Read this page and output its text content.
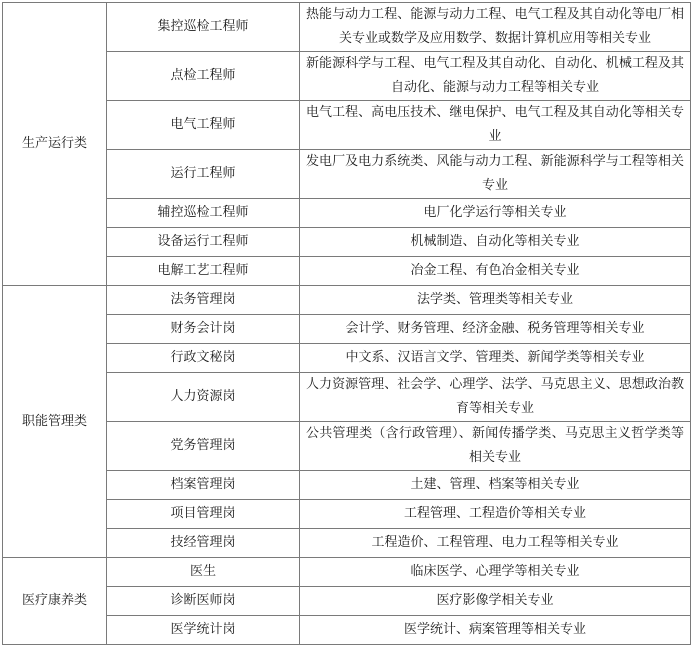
生产运行类	集控巡检工程师	热能与动力工程、能源与动力工程、电气工程及其自动化等电厂相关专业或数学及应用数学、数据计算机应用等相关专业
	点检工程师	新能源科学与工程、电气工程及其自动化、自动化、机械工程及其自动化、能源与动力工程等相关专业
	电气工程师	电气工程、高电压技术、继电保护、电气工程及其自动化等相关专业
	运行工程师	发电厂及电力系统类、风能与动力工程、新能源科学与工程等相关专业
	辅控巡检工程师	电厂化学运行等相关专业
	设备运行工程师	机械制造、自动化等相关专业
	电解工艺工程师	冶金工程、有色冶金相关专业
职能管理类	法务管理岗	法学类、管理类等相关专业
	财务会计岗	会计学、财务管理、经济金融、税务管理等相关专业
	行政文秘岗	中文系、汉语言文学、管理类、新闻学类等相关专业
	人力资源岗	人力资源管理、社会学、心理学、法学、马克思主义、思想政治教育等相关专业
	党务管理岗	公共管理类（含行政管理）、新闻传播学类、马克思主义哲学类等相关专业
	档案管理岗	土建、管理、档案等相关专业
	项目管理岗	工程管理、工程造价等相关专业
	技经管理岗	工程造价、工程管理、电力工程等相关专业
医疗康养类	医生	临床医学、心理学等相关专业
	诊断医师岗	医疗影像学相关专业
	医学统计岗	医学统计、病案管理等相关专业
